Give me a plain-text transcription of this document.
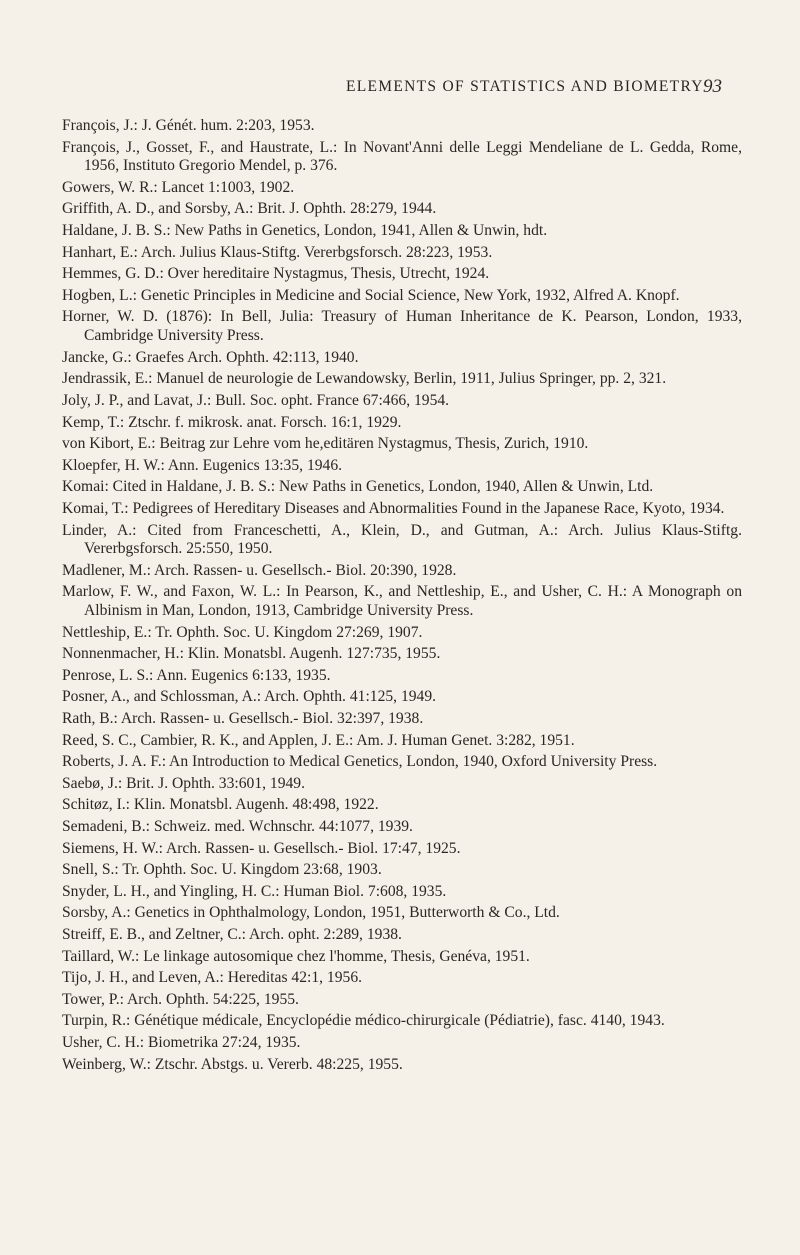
ELEMENTS OF STATISTICS AND BIOMETRY 93
François, J.: J. Génét. hum. 2:203, 1953.
François, J., Gosset, F., and Haustrate, L.: In Novant'Anni delle Leggi Mendeliane de L. Gedda, Rome, 1956, Instituto Gregorio Mendel, p. 376.
Gowers, W. R.: Lancet 1:1003, 1902.
Griffith, A. D., and Sorsby, A.: Brit. J. Ophth. 28:279, 1944.
Haldane, J. B. S.: New Paths in Genetics, London, 1941, Allen & Unwin, hdt.
Hanhart, E.: Arch. Julius Klaus-Stiftg. Vererbgsforsch. 28:223, 1953.
Hemmes, G. D.: Over hereditaire Nystagmus, Thesis, Utrecht, 1924.
Hogben, L.: Genetic Principles in Medicine and Social Science, New York, 1932, Alfred A. Knopf.
Horner, W. D. (1876): In Bell, Julia: Treasury of Human Inheritance de K. Pearson, London, 1933, Cambridge University Press.
Jancke, G.: Graefes Arch. Ophth. 42:113, 1940.
Jendrassik, E.: Manuel de neurologie de Lewandowsky, Berlin, 1911, Julius Springer, pp. 2, 321.
Joly, J. P., and Lavat, J.: Bull. Soc. opht. France 67:466, 1954.
Kemp, T.: Ztschr. f. mikrosk. anat. Forsch. 16:1, 1929.
von Kibort, E.: Beitrag zur Lehre vom he,editären Nystagmus, Thesis, Zurich, 1910.
Kloepfer, H. W.: Ann. Eugenics 13:35, 1946.
Komai: Cited in Haldane, J. B. S.: New Paths in Genetics, London, 1940, Allen & Unwin, Ltd.
Komai, T.: Pedigrees of Hereditary Diseases and Abnormalities Found in the Japanese Race, Kyoto, 1934.
Linder, A.: Cited from Franceschetti, A., Klein, D., and Gutman, A.: Arch. Julius Klaus-Stiftg. Vererbgsforsch. 25:550, 1950.
Madlener, M.: Arch. Rassen- u. Gesellsch.- Biol. 20:390, 1928.
Marlow, F. W., and Faxon, W. L.: In Pearson, K., and Nettleship, E., and Usher, C. H.: A Monograph on Albinism in Man, London, 1913, Cambridge University Press.
Nettleship, E.: Tr. Ophth. Soc. U. Kingdom 27:269, 1907.
Nonnenmacher, H.: Klin. Monatsbl. Augenh. 127:735, 1955.
Penrose, L. S.: Ann. Eugenics 6:133, 1935.
Posner, A., and Schlossman, A.: Arch. Ophth. 41:125, 1949.
Rath, B.: Arch. Rassen- u. Gesellsch.- Biol. 32:397, 1938.
Reed, S. C., Cambier, R. K., and Applen, J. E.: Am. J. Human Genet. 3:282, 1951.
Roberts, J. A. F.: An Introduction to Medical Genetics, London, 1940, Oxford University Press.
Saebø, J.: Brit. J. Ophth. 33:601, 1949.
Schitøz, I.: Klin. Monatsbl. Augenh. 48:498, 1922.
Semadeni, B.: Schweiz. med. Wchnschr. 44:1077, 1939.
Siemens, H. W.: Arch. Rassen- u. Gesellsch.- Biol. 17:47, 1925.
Snell, S.: Tr. Ophth. Soc. U. Kingdom 23:68, 1903.
Snyder, L. H., and Yingling, H. C.: Human Biol. 7:608, 1935.
Sorsby, A.: Genetics in Ophthalmology, London, 1951, Butterworth & Co., Ltd.
Streiff, E. B., and Zeltner, C.: Arch. opht. 2:289, 1938.
Taillard, W.: Le linkage autosomique chez l'homme, Thesis, Genéva, 1951.
Tijo, J. H., and Leven, A.: Hereditas 42:1, 1956.
Tower, P.: Arch. Ophth. 54:225, 1955.
Turpin, R.: Génétique médicale, Encyclopédie médico-chirurgicale (Pédiatrie), fasc. 4140, 1943.
Usher, C. H.: Biometrika 27:24, 1935.
Weinberg, W.: Ztschr. Abstgs. u. Vererb. 48:225, 1955.
